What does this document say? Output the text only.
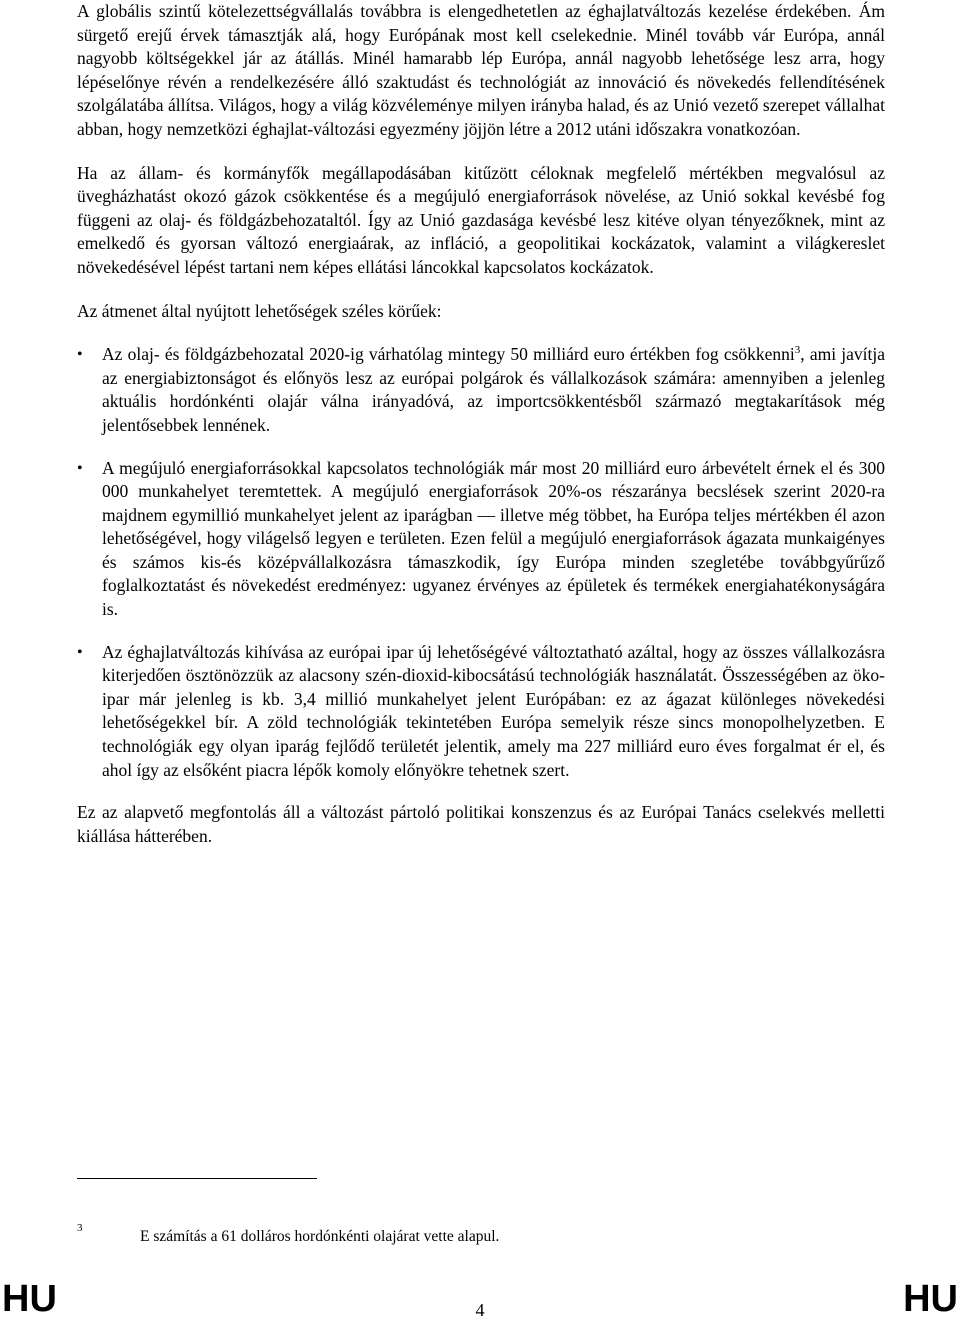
A globális szintű kötelezettségvállalás továbbra is elengedhetetlen az éghajlatváltozás kezelése érdekében. Ám sürgető erejű érvek támasztják alá, hogy Európának most kell cselekednie. Minél tovább vár Európa, annál nagyobb költségekkel jár az átállás. Minél hamarabb lép Európa, annál nagyobb lehetősége lesz arra, hogy lépéselőnye révén a rendelkezésére álló szaktudást és technológiát az innováció és növekedés fellendítésének szolgálatába állítsa. Világos, hogy a világ közvéleménye milyen irányba halad, és az Unió vezető szerepet vállalhat abban, hogy nemzetközi éghajlat-változási egyezmény jöjjön létre a 2012 utáni időszakra vonatkozóan.

Ha az állam- és kormányfők megállapodásában kitűzött céloknak megfelelő mértékben megvalósul az üvegházhatást okozó gázok csökkentése és a megújuló energiaforrások növelése, az Unió sokkal kevésbé fog függeni az olaj- és földgázbehozataltól. Így az Unió gazdasága kevésbé lesz kitéve olyan tényezőknek, mint az emelkedő és gyorsan változó energiaárak, az infláció, a geopolitikai kockázatok, valamint a világkereslet növekedésével lépést tartani nem képes ellátási láncokkal kapcsolatos kockázatok.

Az átmenet által nyújtott lehetőségek széles körűek:

• Az olaj- és földgázbehozatal 2020-ig várhatólag mintegy 50 milliárd euro értékben fog csökkenni$^3$, ami javítja az energiabiztonságot és előnyös lesz az európai polgárok és vállalkozások számára: amennyiben a jelenleg aktuális hordónkénti olajár válna irányadóvá, az importcsökkentésből származó megtakarítások még jelentősebbek lennének.
• A megújuló energiaforrásokkal kapcsolatos technológiák már most 20 milliárd euro árbevételt érnek el és 300 000 munkahelyet teremtettek. A megújuló energiaforrások 20%-os részaránya becslések szerint 2020-ra majdnem egymillió munkahelyet jelent az iparágban ― illetve még többet, ha Európa teljes mértékben él azon lehetőségével, hogy világelső legyen e területen. Ezen felül a megújuló energiaforrások ágazata munkaigényes és számos kis-és középvállalkozásra támaszkodik, így Európa minden szegletébe továbbgyűrűző foglalkoztatást és növekedést eredményez: ugyanez érvényes az épületek és termékek energiahatékonyságára is.
• Az éghajlatváltozás kihívása az európai ipar új lehetőségévé változtatható azáltal, hogy az összes vállalkozásra kiterjedően ösztönözzük az alacsony szén-dioxid-kibocsátású technológiák használatát. Összességében az öko-ipar már jelenleg is kb. 3,4 millió munkahelyet jelent Európában: ez az ágazat különleges növekedési lehetőségekkel bír. A zöld technológiák tekintetében Európa semelyik része sincs monopolhelyzetben. E technológiák egy olyan iparág fejlődő területét jelentik, amely ma 227 milliárd euro éves forgalmat ér el, és ahol így az elsőként piacra lépők komoly előnyökre tehetnek szert.

Ez az alapvető megfontolás áll a változást pártoló politikai konszenzus és az Európai Tanács cselekvés melletti kiállása hátterében.

3	E számítás a 61 dolláros hordónkénti olajárat vette alapul.
HU	4	HU
